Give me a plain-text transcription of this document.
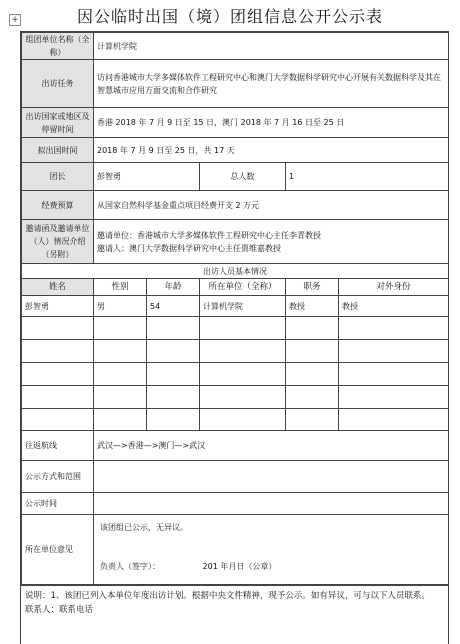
因公临时出国（境）团组信息公开公示表
+
组团单位名称（全称）	计算机学院				
出访任务	访问香港城市大学多媒体软件工程研究中心和澳门大学数据科学研究中心开展有关数据科学及其在智慧城市应用方面交流和合作研究				
出访国家或地区及停留时间	香港 2018 年 7 月 9 日至 15 日，澳门 2018 年 7 月 16 日至 25 日				
拟出国时间	2018 年 7 月 9 日至 25 日，共 17 天				
团长	彭智勇		总人数	1	
经费预算	从国家自然科学基金重点项目经费开支 2 万元				
邀请函及邀请单位（人）情况介绍（另附）	邀请单位：香港城市大学多媒体软件工程研究中心主任李青教授
邀请人：澳门大学数据科学研究中心主任贾维嘉教授				

出访人员基本情况					
姓名	性别	年龄	所在单位（全称）	职务	对外身份
彭智勇	男	54	计算机学院	教授	教授

往返航线	武汉—>香港—>澳门—>武汉				
公示方式和范围					
公示时间					
所在单位意见	该团组已公示，无异议。
负责人（签字）： 201 年月日（公章）				
说明：1、该团已列入本单位年度出访计划。根据中央文件精神，现予公示。如有异议，可与以下人员联系。
联系人：联系电话
